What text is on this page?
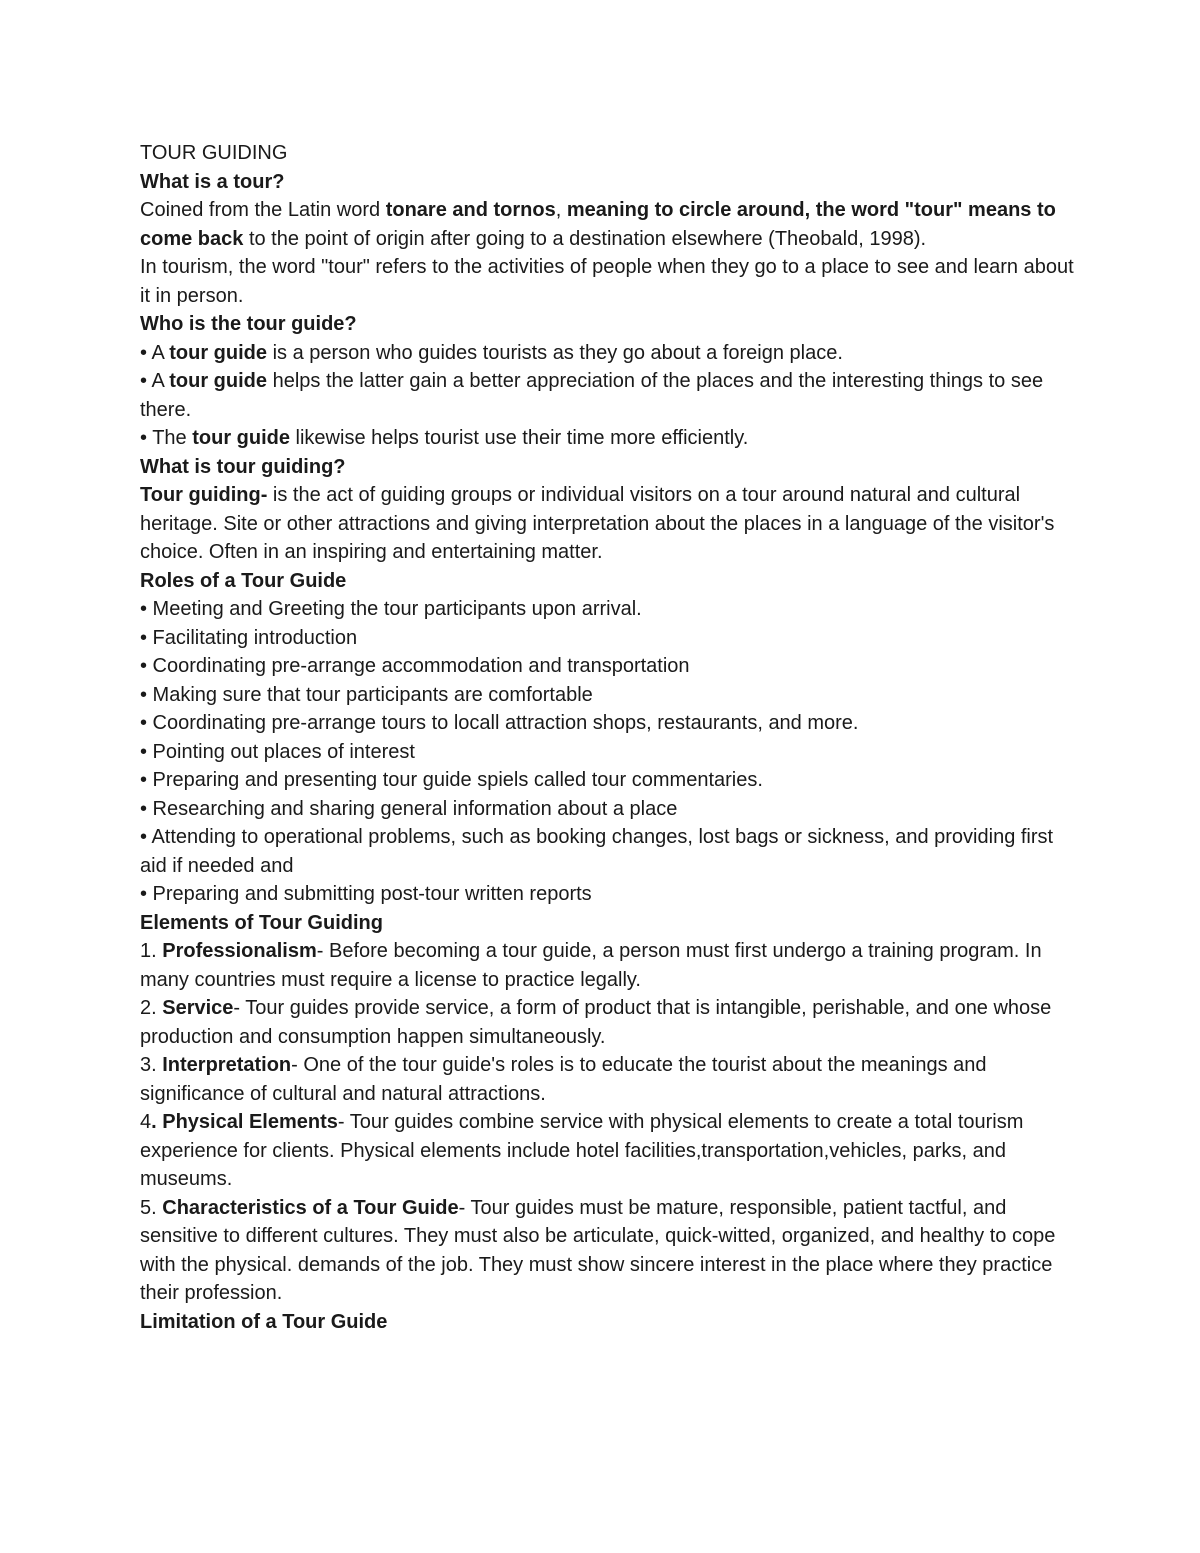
TOUR GUIDING

What is a tour?

Coined from the Latin word tonare and tornos, meaning to circle around, the word "tour" means to come back to the point of origin after going to a destination elsewhere (Theobald, 1998).

In tourism, the word "tour" refers to the activities of people when they go to a place to see and learn about it in person.

Who is the tour guide?

• A tour guide is a person who guides tourists as they go about a foreign place.

• A tour guide helps the latter gain a better appreciation of the places and the interesting things to see there.

• The tour guide likewise helps tourist use their time more efficiently.

What is tour guiding?

Tour guiding- is the act of guiding groups or individual visitors on a tour around natural and cultural heritage. Site or other attractions and giving interpretation about the places in a language of the visitor's choice. Often in an inspiring and entertaining matter.

Roles of a Tour Guide

• Meeting and Greeting the tour participants upon arrival.

• Facilitating introduction

• Coordinating pre-arrange accommodation and transportation

• Making sure that tour participants are comfortable

• Coordinating pre-arrange tours to locall attraction shops, restaurants, and more.

• Pointing out places of interest

• Preparing and presenting tour guide spiels called tour commentaries.

• Researching and sharing general information about a place

• Attending to operational problems, such as booking changes, lost bags or sickness, and providing first aid if needed and

• Preparing and submitting post-tour written reports

Elements of Tour Guiding

1. Professionalism- Before becoming a tour guide, a person must first undergo a training program. In many countries must require a license to practice legally.

2. Service- Tour guides provide service, a form of product that is intangible, perishable, and one whose production and consumption happen simultaneously.

3. Interpretation- One of the tour guide's roles is to educate the tourist about the meanings and significance of cultural and natural attractions.

4. Physical Elements- Tour guides combine service with physical elements to create a total tourism experience for clients. Physical elements include hotel facilities,transportation,vehicles, parks, and

museums.

5. Characteristics of a Tour Guide- Tour guides must be mature, responsible, patient tactful, and sensitive to different cultures. They must also be articulate, quick-witted, organized, and healthy to cope with the physical. demands of the job. They must show sincere interest in the place where they practice their profession.

Limitation of a Tour Guide
